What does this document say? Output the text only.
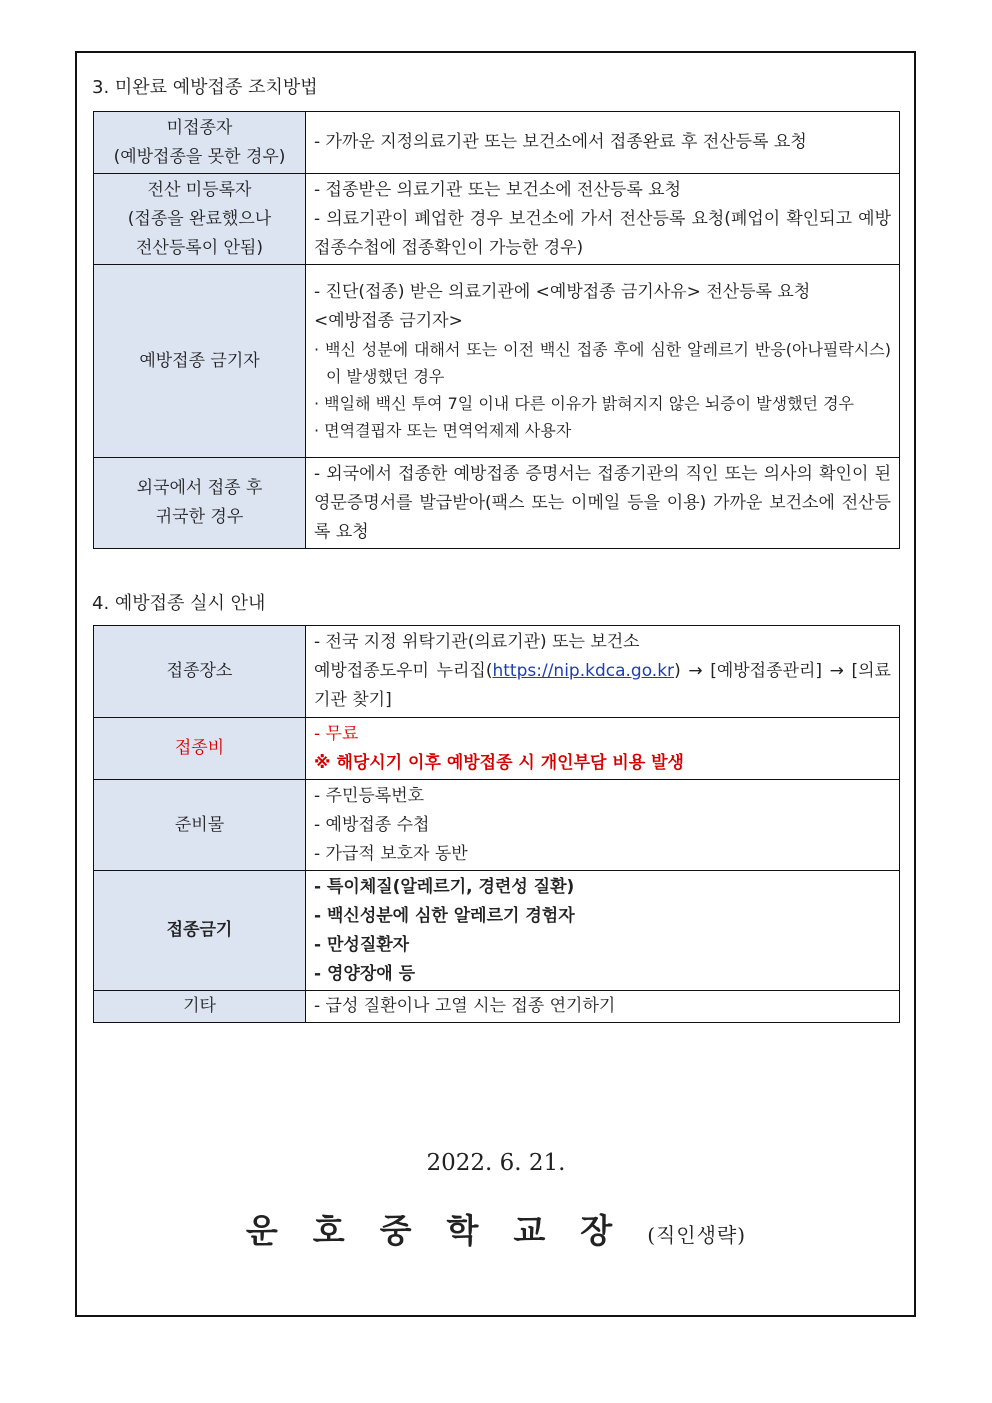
3. 미완료 예방접종 조치방법
미접종자
(예방접종을 못한 경우)	- 가까운 지정의료기관 또는 보건소에서 접종완료 후 전산등록 요청

전산 미등록자
(접종을 완료했으나
전산등록이 안됨)	- 접종받은 의료기관 또는 보건소에 전산등록 요청
- 의료기관이 폐업한 경우 보건소에 가서 전산등록 요청(폐업이 확인되고 예방접종수첩에 접종확인이 가능한 경우)

예방접종 금기자	- 진단(접종) 받은 의료기관에 <예방접종 금기사유> 전산등록 요청
<예방접종 금기자>
· 백신 성분에 대해서 또는 이전 백신 접종 후에 심한 알레르기 반응(아나필락시스)이 발생했던 경우
· 백일해 백신 투여 7일 이내 다른 이유가 밝혀지지 않은 뇌증이 발생했던 경우
· 면역결핍자 또는 면역억제제 사용자

외국에서 접종 후
귀국한 경우	- 외국에서 접종한 예방접종 증명서는 접종기관의 직인 또는 의사의 확인이 된 영문증명서를 발급받아(팩스 또는 이메일 등을 이용) 가까운 보건소에 전산등록 요청
4. 예방접종 실시 안내
접종장소	- 전국 지정 위탁기관(의료기관) 또는 보건소
예방접종도우미 누리집(https://nip.kdca.go.kr) → [예방접종관리] → [의료기관 찾기]
접종비	- 무료
※ 해당시기 이후 예방접종 시 개인부담 비용 발생

준비물	- 주민등록번호
- 예방접종 수첩
- 가급적 보호자 동반

접종금기	- 특이체질(알레르기, 경련성 질환)
- 백신성분에 심한 알레르기 경험자
- 만성질환자
- 영양장애 등

기타	- 급성 질환이나 고열 시는 접종 연기하기
2022. 6. 21.
운호중학교장(직인생략)
